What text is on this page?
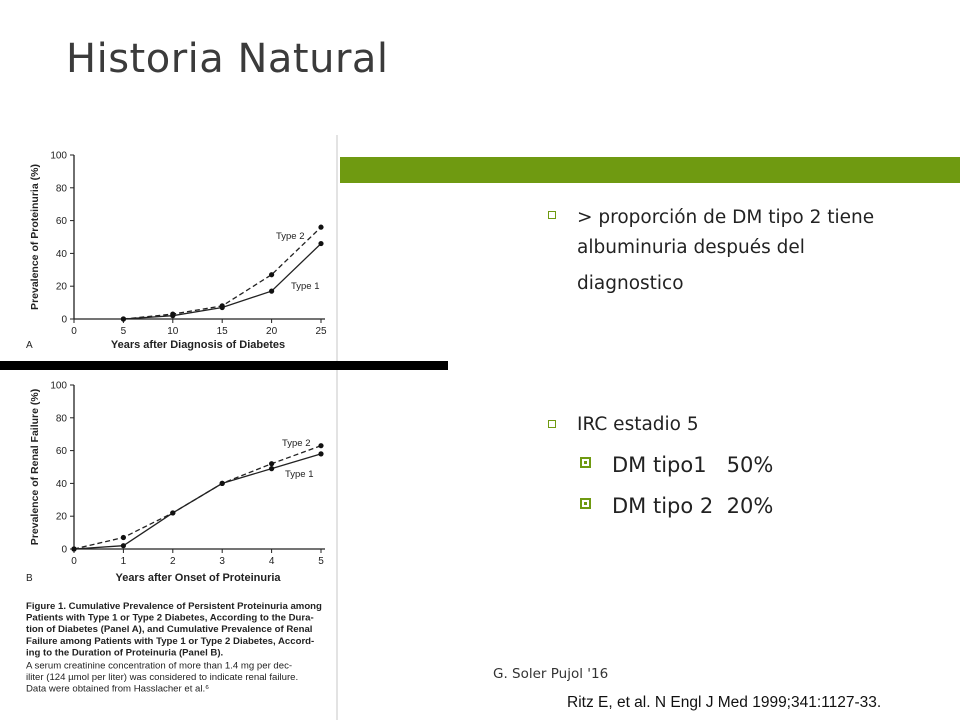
Historia Natural
0
20
40
60
80
100
0	5	10	15	20	25
Years after Diagnosis of Diabetes
Prevalence of Proteinuria (%)
A
Type 2
Type 1
0
20
40
60
80
100
0	1	2	3	4	5
Years after Onset of Proteinuria
Prevalence of Renal Failure (%)
B
Type 2
Type 1
Figure 1. Cumulative Prevalence of Persistent Proteinuria among
Patients with Type 1 or Type 2 Diabetes, According to the Dura-
tion of Diabetes (Panel A), and Cumulative Prevalence of Renal
Failure among Patients with Type 1 or Type 2 Diabetes, Accord-
ing to the Duration of Proteinuria (Panel B).
A serum creatinine concentration of more than 1.4 mg per dec-
iliter (124 µmol per liter) was considered to indicate renal failure.
Data were obtained from Hasslacher et al.⁶
> proporción de DM tipo 2 tiene albuminuria después del
diagnostico
IRC estadio 5
DM tipo1   50%
DM tipo 2  20%
G. Soler Pujol '16
Ritz E, et al. N Engl J Med 1999;341:1127-33.
